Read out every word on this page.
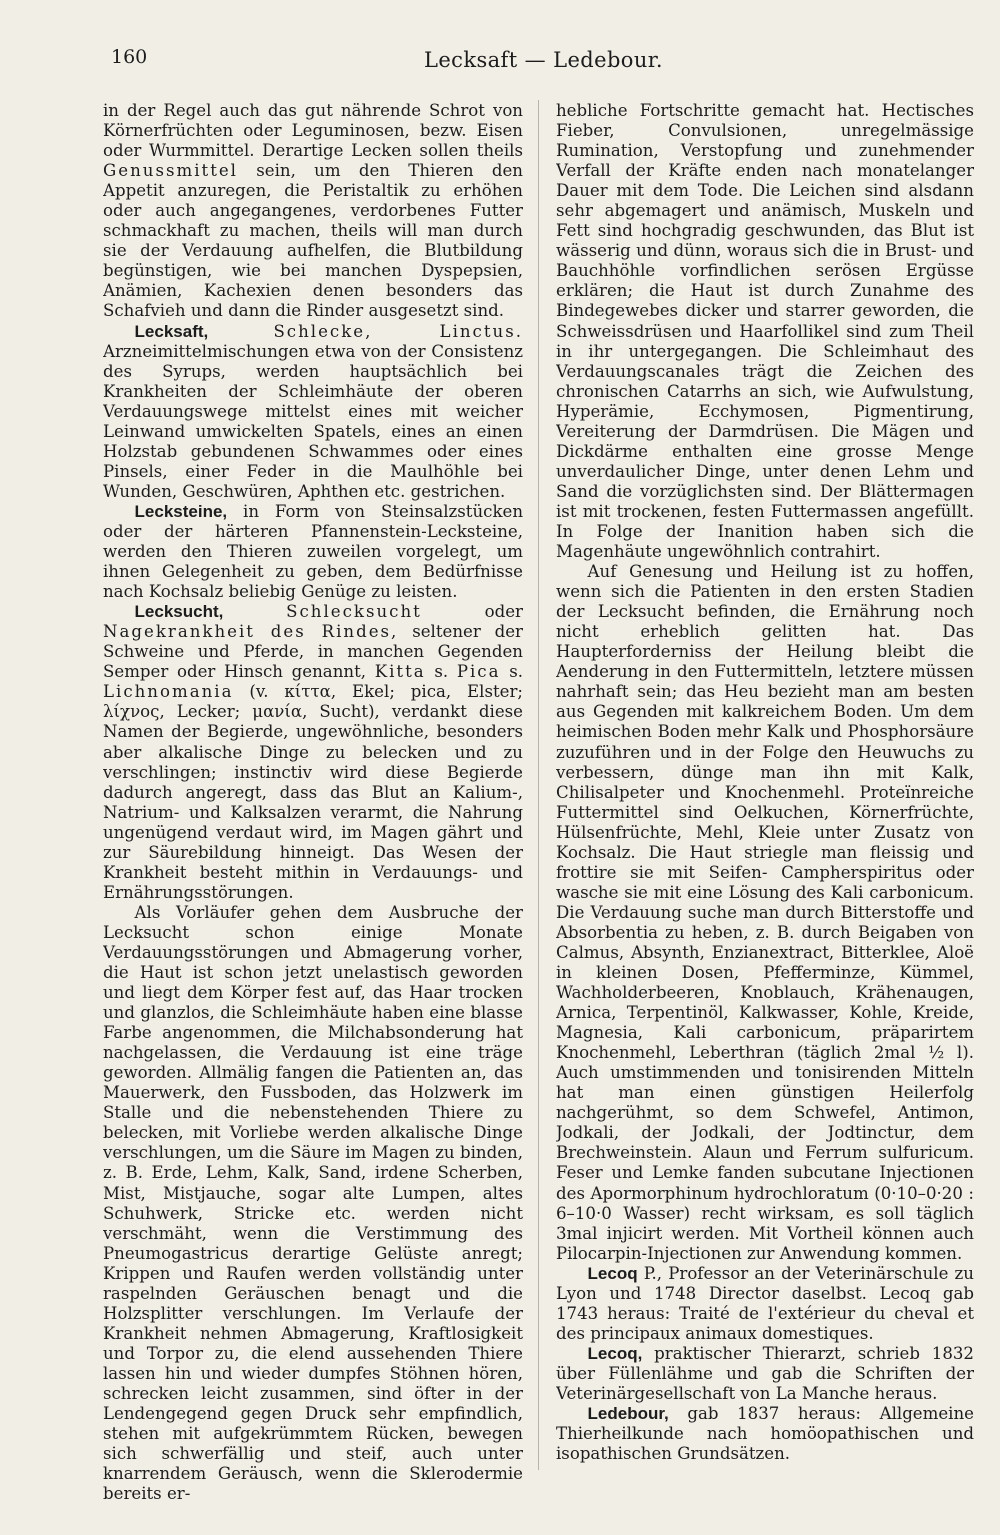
160	Lecksaft — Ledebour.

in der Regel auch das gut nährende Schrot von Körnerfrüchten oder Leguminosen, bezw. Eisen oder Wurmmittel. Derartige Lecken sollen theils Genussmittel sein, um den Thieren den Appetit anzuregen, die Peristaltik zu erhöhen oder auch angegangenes, verdorbenes Futter schmackhaft zu machen, theils will man durch sie der Verdauung aufhelfen, die Blutbildung begünstigen, wie bei manchen Dyspepsien, Anämien, Kachexien denen besonders das Schafvieh und dann die Rinder ausgesetzt sind.

Lecksaft,	Schlecke, Linctus. Arzneimittelmischungen etwa von der Consistenz des Syrups, werden hauptsächlich bei Krankheiten der Schleimhäute der oberen Verdauungswege mittelst eines mit weicher Leinwand umwickelten Spatels, eines an einen Holzstab gebundenen Schwammes oder eines Pinsels, einer Feder in die Maulhöhle bei Wunden, Geschwüren, Aphthen etc. gestrichen.

Lecksteine, in Form von Steinsalzstücken oder der härteren Pfannenstein-Lecksteine, werden den Thieren zuweilen vorgelegt, um ihnen Gelegenheit zu geben, dem Bedürfnisse nach Kochsalz beliebig Genüge zu leisten.

Lecksucht,	Schlecksucht	oder Nagekrankheit des Rindes, seltener der Schweine und Pferde, in manchen Gegenden Semper oder Hinsch genannt, Kitta s. Pica s. Lichnomania (v. κίττα, Ekel; pica, Elster; λίχνος, Lecker; μανία, Sucht), verdankt diese Namen der Begierde, ungewöhnliche, besonders aber alkalische Dinge zu belecken und zu verschlingen; instinctiv wird diese Begierde dadurch angeregt, dass das Blut an Kalium-, Natrium- und Kalksalzen verarmt, die Nahrung ungenügend verdaut wird, im Magen gährt und zur Säurebildung hinneigt. Das Wesen der Krankheit besteht mithin in Verdauungs- und Ernährungsstörungen.

Als Vorläufer gehen dem Ausbruche der Lecksucht schon einige Monate Verdauungsstörungen und Abmagerung vorher, die Haut ist schon jetzt unelastisch geworden und liegt dem Körper fest auf, das Haar trocken und glanzlos, die Schleimhäute haben eine blasse Farbe angenommen, die Milchabsonderung hat nachgelassen, die Verdauung ist eine träge geworden. Allmälig fangen die Patienten an, das Mauerwerk, den Fussboden, das Holzwerk im Stalle und die nebenstehenden Thiere zu belecken, mit Vorliebe werden alkalische Dinge verschlungen, um die Säure im Magen zu binden, z. B. Erde, Lehm, Kalk, Sand, irdene Scherben, Mist, Mistjauche, sogar alte Lumpen, altes Schuhwerk, Stricke etc. werden nicht verschmäht, wenn die Verstimmung des Pneumogastricus derartige Gelüste anregt; Krippen und Raufen werden vollständig unter raspelnden Geräuschen benagt und die Holzsplitter verschlungen. Im Verlaufe der Krankheit nehmen Abmagerung, Kraftlosigkeit und Torpor zu, die elend aussehenden Thiere lassen hin und wieder dumpfes Stöhnen hören, schrecken leicht zusammen, sind öfter in der Lendengegend gegen Druck sehr empfindlich, stehen mit aufgekrümmtem Rücken, bewegen sich schwerfällig und steif, auch unter knarrendem Geräusch, wenn die Sklerodermie bereits er-

hebliche Fortschritte gemacht hat. Hectisches Fieber, Convulsionen, unregelmässige Rumination, Verstopfung und zunehmender Verfall der Kräfte enden nach monatelanger Dauer mit dem Tode. Die Leichen sind alsdann sehr abgemagert und anämisch, Muskeln und Fett sind hochgradig geschwunden, das Blut ist wässerig und dünn, woraus sich die in Brust- und Bauchhöhle vorfindlichen serösen Ergüsse erklären; die Haut ist durch Zunahme des Bindegewebes dicker und starrer geworden, die Schweissdrüsen und Haarfollikel sind zum Theil in ihr untergegangen. Die Schleimhaut des Verdauungscanales trägt die Zeichen des chronischen Catarrhs an sich, wie Aufwulstung, Hyperämie, Ecchymosen, Pigmentirung, Vereiterung der Darmdrüsen. Die Mägen und Dickdärme enthalten eine grosse Menge unverdaulicher Dinge, unter denen Lehm und Sand die vorzüglichsten sind. Der Blättermagen ist mit trockenen, festen Futtermassen angefüllt. In Folge der Inanition haben sich die Magenhäute ungewöhnlich contrahirt.

Auf Genesung und Heilung ist zu hoffen, wenn sich die Patienten in den ersten Stadien der Lecksucht befinden, die Ernährung noch nicht erheblich gelitten hat. Das Haupterforderniss der Heilung bleibt die Aenderung in den Futtermitteln, letztere müssen nahrhaft sein; das Heu bezieht man am besten aus Gegenden mit kalkreichem Boden. Um dem heimischen Boden mehr Kalk und Phosphorsäure zuzuführen und in der Folge den Heuwuchs zu verbessern, dünge man ihn mit Kalk, Chilisalpeter und Knochenmehl. Proteïnreiche Futtermittel sind Oelkuchen, Körnerfrüchte, Hülsenfrüchte, Mehl, Kleie unter Zusatz von Kochsalz. Die Haut striegle man fleissig und frottire sie mit Seifen- Campherspiritus oder wasche sie mit eine Lösung des Kali carbonicum. Die Verdauung suche man durch Bitterstoffe und Absorbentia zu heben, z. B. durch Beigaben von Calmus, Absynth, Enzianextract, Bitterklee, Aloë in kleinen Dosen, Pfefferminze, Kümmel, Wachholderbeeren, Knoblauch, Krähenaugen, Arnica, Terpentinöl, Kalkwasser, Kohle, Kreide, Magnesia, Kali carbonicum, präparirtem Knochenmehl, Leberthran (täglich 2mal ½ l). Auch umstimmenden und tonisirenden Mitteln hat man einen günstigen Heilerfolg nachgerühmt, so dem Schwefel, Antimon, Jodkali, der Jodkali, der Jodtinctur, dem Brechweinstein. Alaun und Ferrum sulfuricum. Feser und Lemke fanden subcutane Injectionen des Apormorphinum hydrochloratum (0·10–0·20 : 6–10·0 Wasser) recht wirksam, es soll täglich 3mal injicirt werden. Mit Vortheil können auch Pilocarpin-Injectionen zur Anwendung kommen.

Lecoq P., Professor an der Veterinärschule zu Lyon und 1748 Director daselbst. Lecoq gab 1743 heraus: Traité de l'extérieur du cheval et des principaux animaux domestiques.

Lecoq, praktischer Thierarzt, schrieb 1832 über Füllenlähme und gab die Schriften der Veterinärgesellschaft von La Manche heraus.

Ledebour, gab 1837 heraus: Allgemeine Thierheilkunde nach homöopathischen und isopathischen Grundsätzen.
